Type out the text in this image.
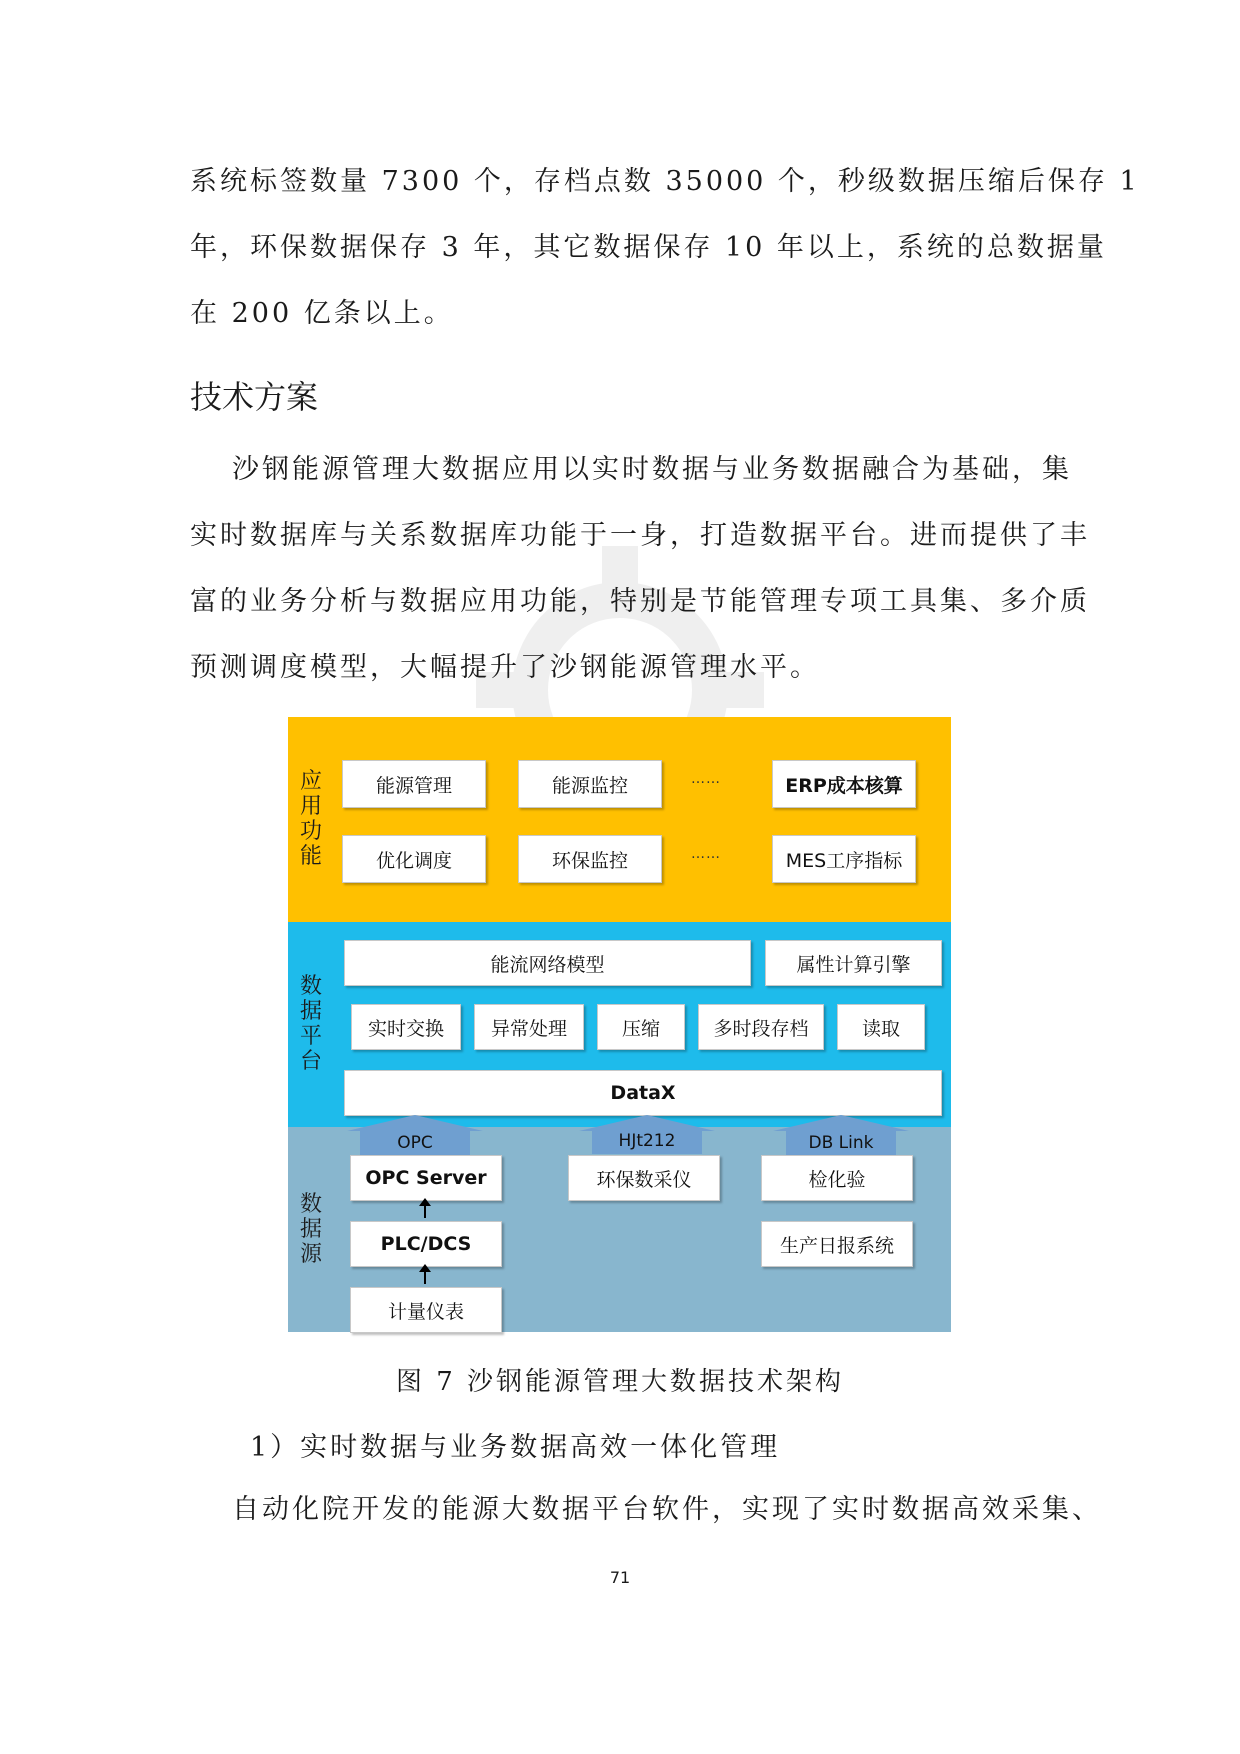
系统标签数量 7300 个，存档点数 35000 个，秒级数据压缩后保存 1
年，环保数据保存 3 年，其它数据保存 10 年以上，系统的总数据量
在 200 亿条以上。
技术方案
沙钢能源管理大数据应用以实时数据与业务数据融合为基础，集
实时数据库与关系数据库功能于一身，打造数据平台。进而提供了丰
富的业务分析与数据应用功能，特别是节能管理专项工具集、多介质
预测调度模型，大幅提升了沙钢能源管理水平。
应
用
功
能
能源管理	能源监控	……	ERP成本核算
优化调度	环保监控	……	MES工序指标
数
据
平
台
能流网络模型	属性计算引擎
实时交换	异常处理	压缩	多时段存档	读取
DataX
数
据
源
OPC	HJt212	DB Link
OPC Server
PLC/DCS
计量仪表
环保数采仪	检化验
生产日报系统
图 7 沙钢能源管理大数据技术架构
1）实时数据与业务数据高效一体化管理
自动化院开发的能源大数据平台软件，实现了实时数据高效采集、
71
